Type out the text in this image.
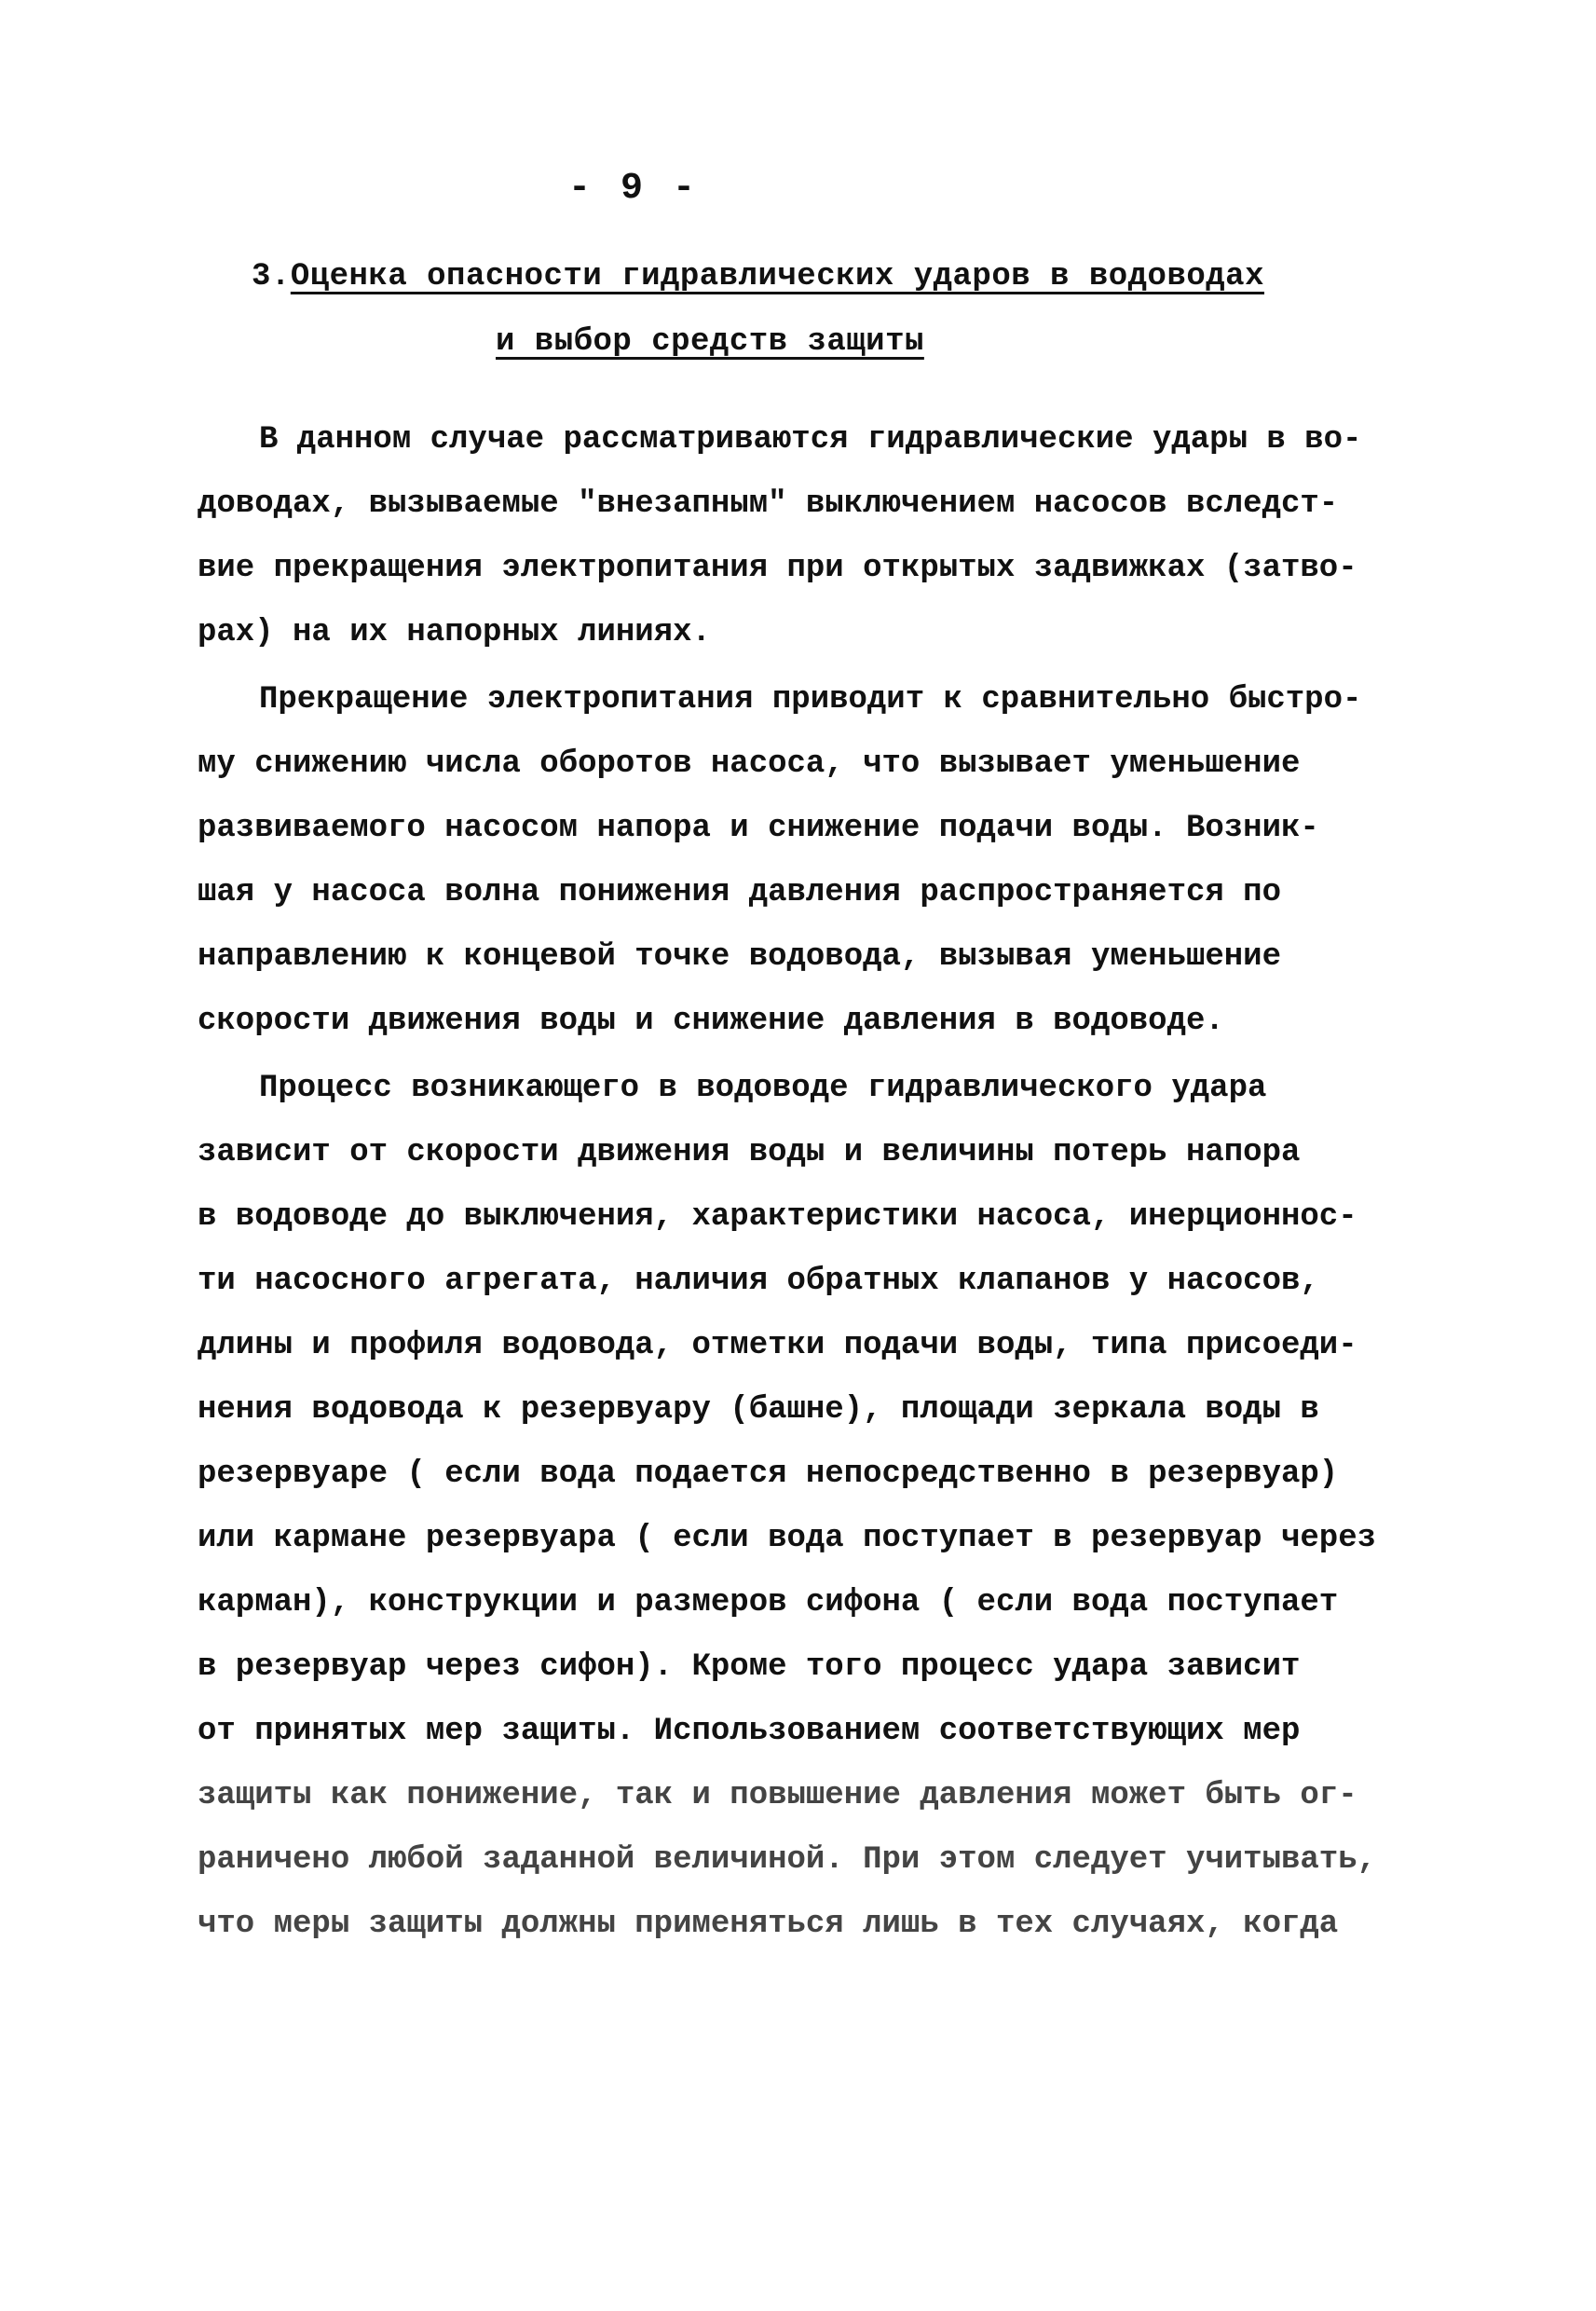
- 9 -
3.Оценка опасности гидравлических ударов в водоводах
и выбор средств защиты
В данном случае рассматриваются гидравлические удары в во-
доводах, вызываемые "внезапным" выключением насосов вследст-
вие прекращения электропитания при открытых задвижках (затво-
рах) на их напорных линиях.
Прекращение электропитания приводит к сравнительно быстро-
му снижению числа оборотов насоса, что вызывает уменьшение
развиваемого насосом напора и снижение подачи воды. Возник-
шая у насоса волна понижения давления распространяется по
направлению к концевой точке водовода, вызывая уменьшение
скорости движения воды и снижение давления в водоводе.
Процесс возникающего в водоводе гидравлического удара
зависит от скорости движения воды и величины потерь напора
в водоводе до выключения, характеристики насоса, инерционнос-
ти насосного агрегата, наличия обратных клапанов у насосов,
длины и профиля водовода, отметки подачи воды, типа присоеди-
нения водовода к резервуару (башне), площади зеркала воды в
резервуаре ( если вода подается непосредственно в резервуар)
или кармане резервуара ( если вода поступает в резервуар через
карман), конструкции и размеров сифона ( если вода поступает
в резервуар через сифон). Кроме того процесс удара зависит
от принятых мер защиты. Использованием соответствующих мер
защиты как понижение, так и повышение давления может быть ог-
раничено любой заданной величиной. При этом следует учитывать,
что меры защиты должны применяться лишь в тех случаях, когда
